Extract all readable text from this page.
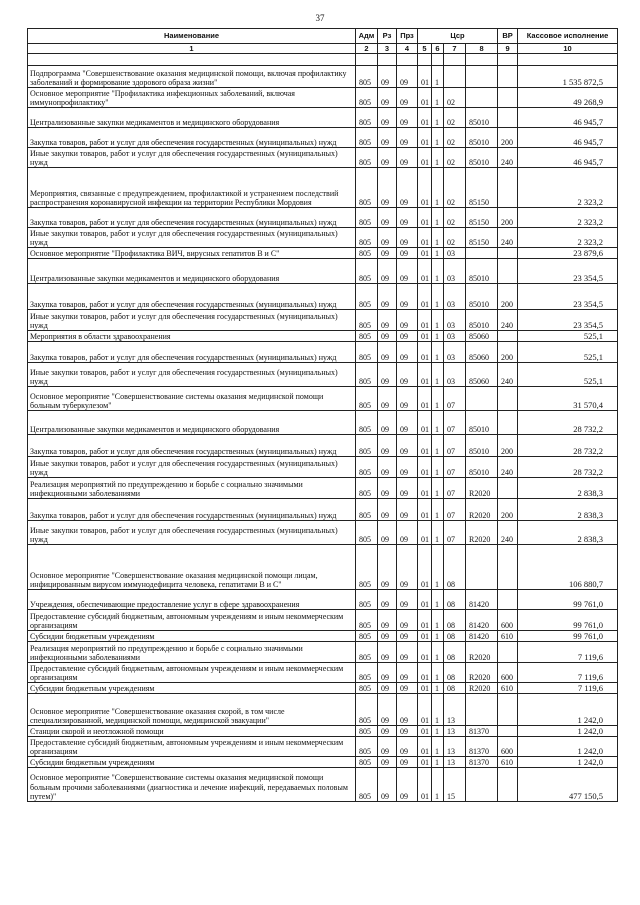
37
Наименование	Адм	Рз	Прз	Цср				ВР	Кассовое исполнение
1	2	3	4	5	6	7	8	9	10

Подпрограмма "Совершенствование оказания медицинской помощи, включая профилактику заболеваний и формирование здорового образа жизни"	805	09	09	01	1				1 535 872,5
Основное мероприятие "Профилактика инфекционных заболеваний, включая иммунопрофилактику"	805	09	09	01	1	02			49 268,9
Централизованные закупки медикаментов и медицинского оборудования	805	09	09	01	1	02	85010		46 945,7
Закупка товаров, работ и услуг для обеспечения государственных (муниципальных) нужд	805	09	09	01	1	02	85010	200	46 945,7
Иные закупки товаров, работ и услуг для обеспечения государственных (муниципальных) нужд	805	09	09	01	1	02	85010	240	46 945,7
Мероприятия, связанные с предупреждением, профилактикой и устранением последствий распространения коронавирусной инфекции на территории Республики Мордовия	805	09	09	01	1	02	85150		2 323,2
Закупка товаров, работ и услуг для обеспечения государственных (муниципальных) нужд	805	09	09	01	1	02	85150	200	2 323,2
Иные закупки товаров, работ и услуг для обеспечения государственных (муниципальных) нужд	805	09	09	01	1	02	85150	240	2 323,2
Основное мероприятие "Профилактика ВИЧ, вирусных гепатитов В и С"	805	09	09	01	1	03			23 879,6
Централизованные закупки медикаментов и медицинского оборудования	805	09	09	01	1	03	85010		23 354,5
Закупка товаров, работ и услуг для обеспечения государственных (муниципальных) нужд	805	09	09	01	1	03	85010	200	23 354,5
Иные закупки товаров, работ и услуг для обеспечения государственных (муниципальных) нужд	805	09	09	01	1	03	85010	240	23 354,5
Мероприятия в области здравоохранения	805	09	09	01	1	03	85060		525,1
Закупка товаров, работ и услуг для обеспечения государственных (муниципальных) нужд	805	09	09	01	1	03	85060	200	525,1
Иные закупки товаров, работ и услуг для обеспечения государственных (муниципальных) нужд	805	09	09	01	1	03	85060	240	525,1
Основное мероприятие "Совершенствование системы оказания медицинской помощи больным туберкулезом"	805	09	09	01	1	07			31 570,4
Централизованные закупки медикаментов и медицинского оборудования	805	09	09	01	1	07	85010		28 732,2
Закупка товаров, работ и услуг для обеспечения государственных (муниципальных) нужд	805	09	09	01	1	07	85010	200	28 732,2
Иные закупки товаров, работ и услуг для обеспечения государственных (муниципальных) нужд	805	09	09	01	1	07	85010	240	28 732,2
Реализация мероприятий по предупреждению и борьбе с социально значимыми инфекционными заболеваниями	805	09	09	01	1	07	R2020		2 838,3
Закупка товаров, работ и услуг для обеспечения государственных (муниципальных) нужд	805	09	09	01	1	07	R2020	200	2 838,3
Иные закупки товаров, работ и услуг для обеспечения государственных (муниципальных) нужд	805	09	09	01	1	07	R2020	240	2 838,3
Основное мероприятие "Совершенствование оказания медицинской помощи лицам, инфицированным вирусом иммунодефицита человека, гепатитами В и С"	805	09	09	01	1	08			106 880,7
Учреждения, обеспечивающие предоставление услуг в сфере здравоохранения	805	09	09	01	1	08	81420		99 761,0
Предоставление субсидий бюджетным, автономным учреждениям и иным некоммерческим организациям	805	09	09	01	1	08	81420	600	99 761,0
Субсидии бюджетным учреждениям	805	09	09	01	1	08	81420	610	99 761,0
Реализация мероприятий по предупреждению и борьбе с социально значимыми инфекционными заболеваниями	805	09	09	01	1	08	R2020		7 119,6
Предоставление субсидий бюджетным, автономным учреждениям и иным некоммерческим организациям	805	09	09	01	1	08	R2020	600	7 119,6
Субсидии бюджетным учреждениям	805	09	09	01	1	08	R2020	610	7 119,6
Основное мероприятие "Совершенствование оказания скорой, в том числе специализированной, медицинской помощи, медицинской эвакуации"	805	09	09	01	1	13			1 242,0
Станции скорой и неотложной помощи	805	09	09	01	1	13	81370		1 242,0
Предоставление субсидий бюджетным, автономным учреждениям и иным некоммерческим организациям	805	09	09	01	1	13	81370	600	1 242,0
Субсидии бюджетным учреждениям	805	09	09	01	1	13	81370	610	1 242,0
Основное мероприятие "Совершенствование системы оказания медицинской помощи больным прочими заболеваниями (диагностика и лечение инфекций, передаваемых половым путем)"	805	09	09	01	1	15			477 150,5
